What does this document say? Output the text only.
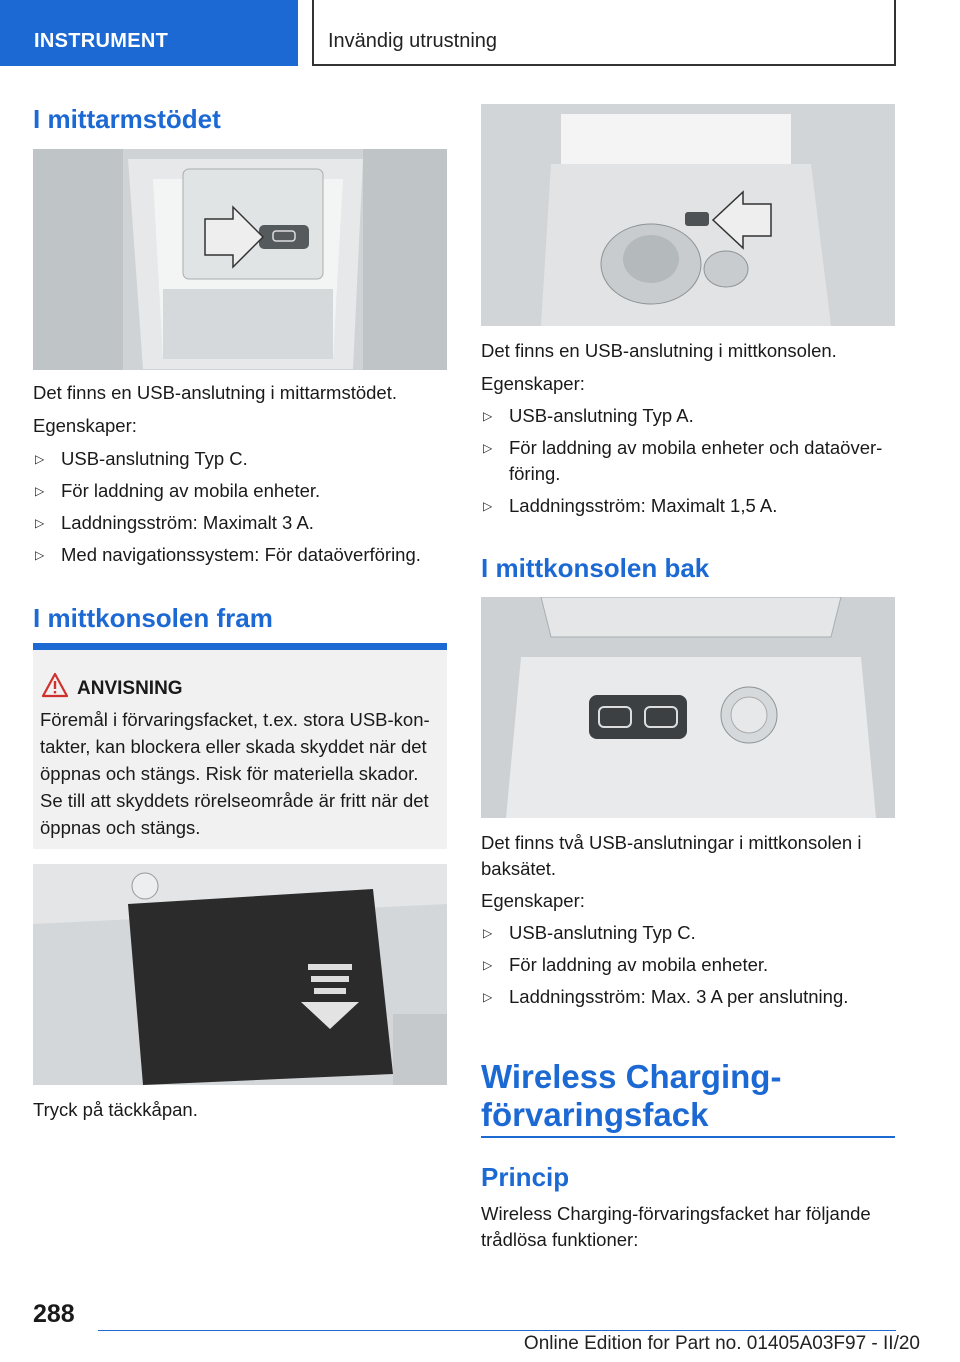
INSTRUMENT	Invändig utrustning
I mittarmstödet
Det finns en USB-anslutning i mittarmstödet.
Egenskaper:
▷ USB-anslutning Typ C.
▷ För laddning av mobila enheter.
▷ Laddningsström: Maximalt 3 A.
▷ Med navigationssystem: För dataöverföring.
I mittkonsolen fram
ANVISNING
Föremål i förvaringsfacket, t.ex. stora USB-kon-takter, kan blockera eller skada skyddet när det öppnas och stängs. Risk för materiella skador. Se till att skyddets rörelseområde är fritt när det öppnas och stängs.
Tryck på täckkåpan.
Det finns en USB-anslutning i mittkonsolen.
Egenskaper:
▷ USB-anslutning Typ A.
▷ För laddning av mobila enheter och dataöver-föring.
▷ Laddningsström: Maximalt 1,5 A.
I mittkonsolen bak
Det finns två USB-anslutningar i mittkonsolen i baksätet.
Egenskaper:
▷ USB-anslutning Typ C.
▷ För laddning av mobila enheter.
▷ Laddningsström: Max. 3 A per anslutning.
Wireless Charging-
förvaringsfack
Princip
Wireless Charging-förvaringsfacket har följande trådlösa funktioner:
288
Online Edition for Part no. 01405A03F97 - II/20
